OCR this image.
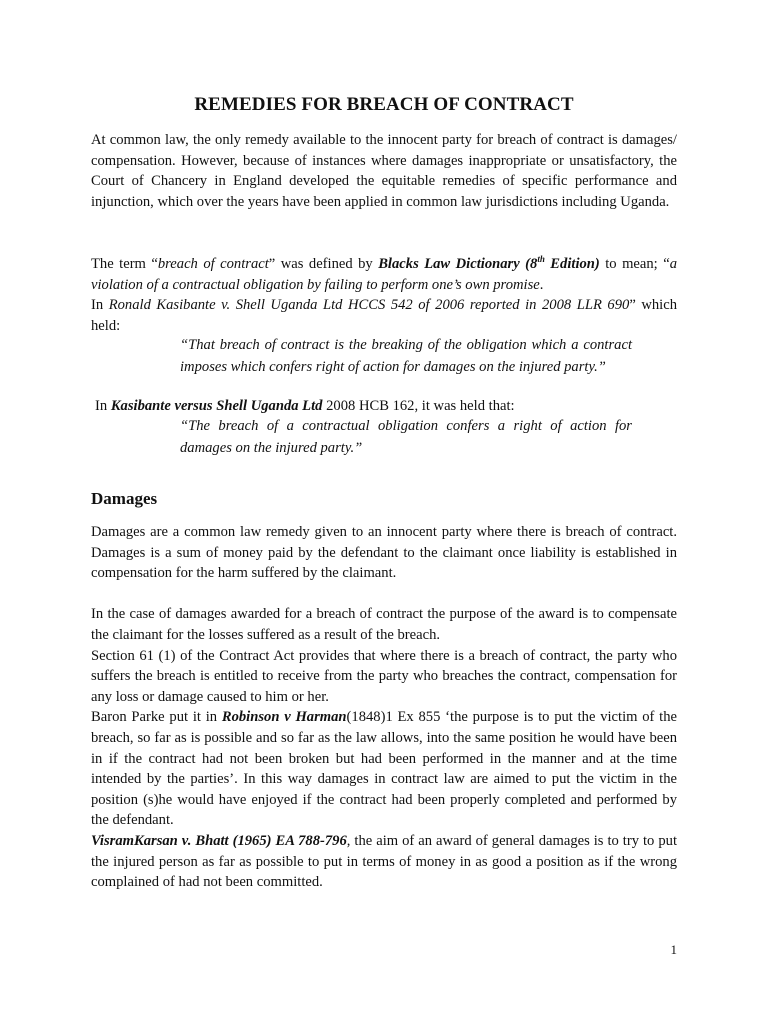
REMEDIES FOR BREACH OF CONTRACT

At common law, the only remedy available to the innocent party for breach of contract is damages/ compensation. However, because of instances where damages inappropriate or unsatisfactory, the Court of Chancery in England developed the equitable remedies of specific performance and injunction, which over the years have been applied in common law jurisdictions including Uganda.

The term “breach of contract” was defined by Blacks Law Dictionary (8th Edition) to mean; “a violation of a contractual obligation by failing to perform one’s own promise.

In Ronald Kasibante v. Shell Uganda Ltd HCCS 542 of 2006 reported in 2008 LLR 690” which held:

“That breach of contract is the breaking of the obligation which a contract imposes which confers right of action for damages on the injured party.”

In Kasibante versus Shell Uganda Ltd 2008 HCB 162, it was held that:

“The breach of a contractual obligation confers a right of action for damages on the injured party.”
Damages

Damages are a common law remedy given to an innocent party where there is breach of contract. Damages is a sum of money paid by the defendant to the claimant once liability is established in compensation for the harm suffered by the claimant.

In the case of damages awarded for a breach of contract the purpose of the award is to compensate the claimant for the losses suffered as a result of the breach.

Section 61 (1) of the Contract Act provides that where there is a breach of contract, the party who suffers the breach is entitled to receive from the party who breaches the contract, compensation for any loss or damage caused to him or her.

Baron Parke put it in Robinson v Harman(1848)1 Ex 855 ‘the purpose is to put the victim of the breach, so far as is possible and so far as the law allows, into the same position he would have been in if the contract had not been broken but had been performed in the manner and at the time intended by the parties’. In this way damages in contract law are aimed to put the victim in the position (s)he would have enjoyed if the contract had been properly completed and performed by the defendant.

VisramKarsan v. Bhatt (1965) EA 788-796, the aim of an award of general damages is to try to put the injured person as far as possible to put in terms of money in as good a position as if the wrong complained of had not been committed.

1
